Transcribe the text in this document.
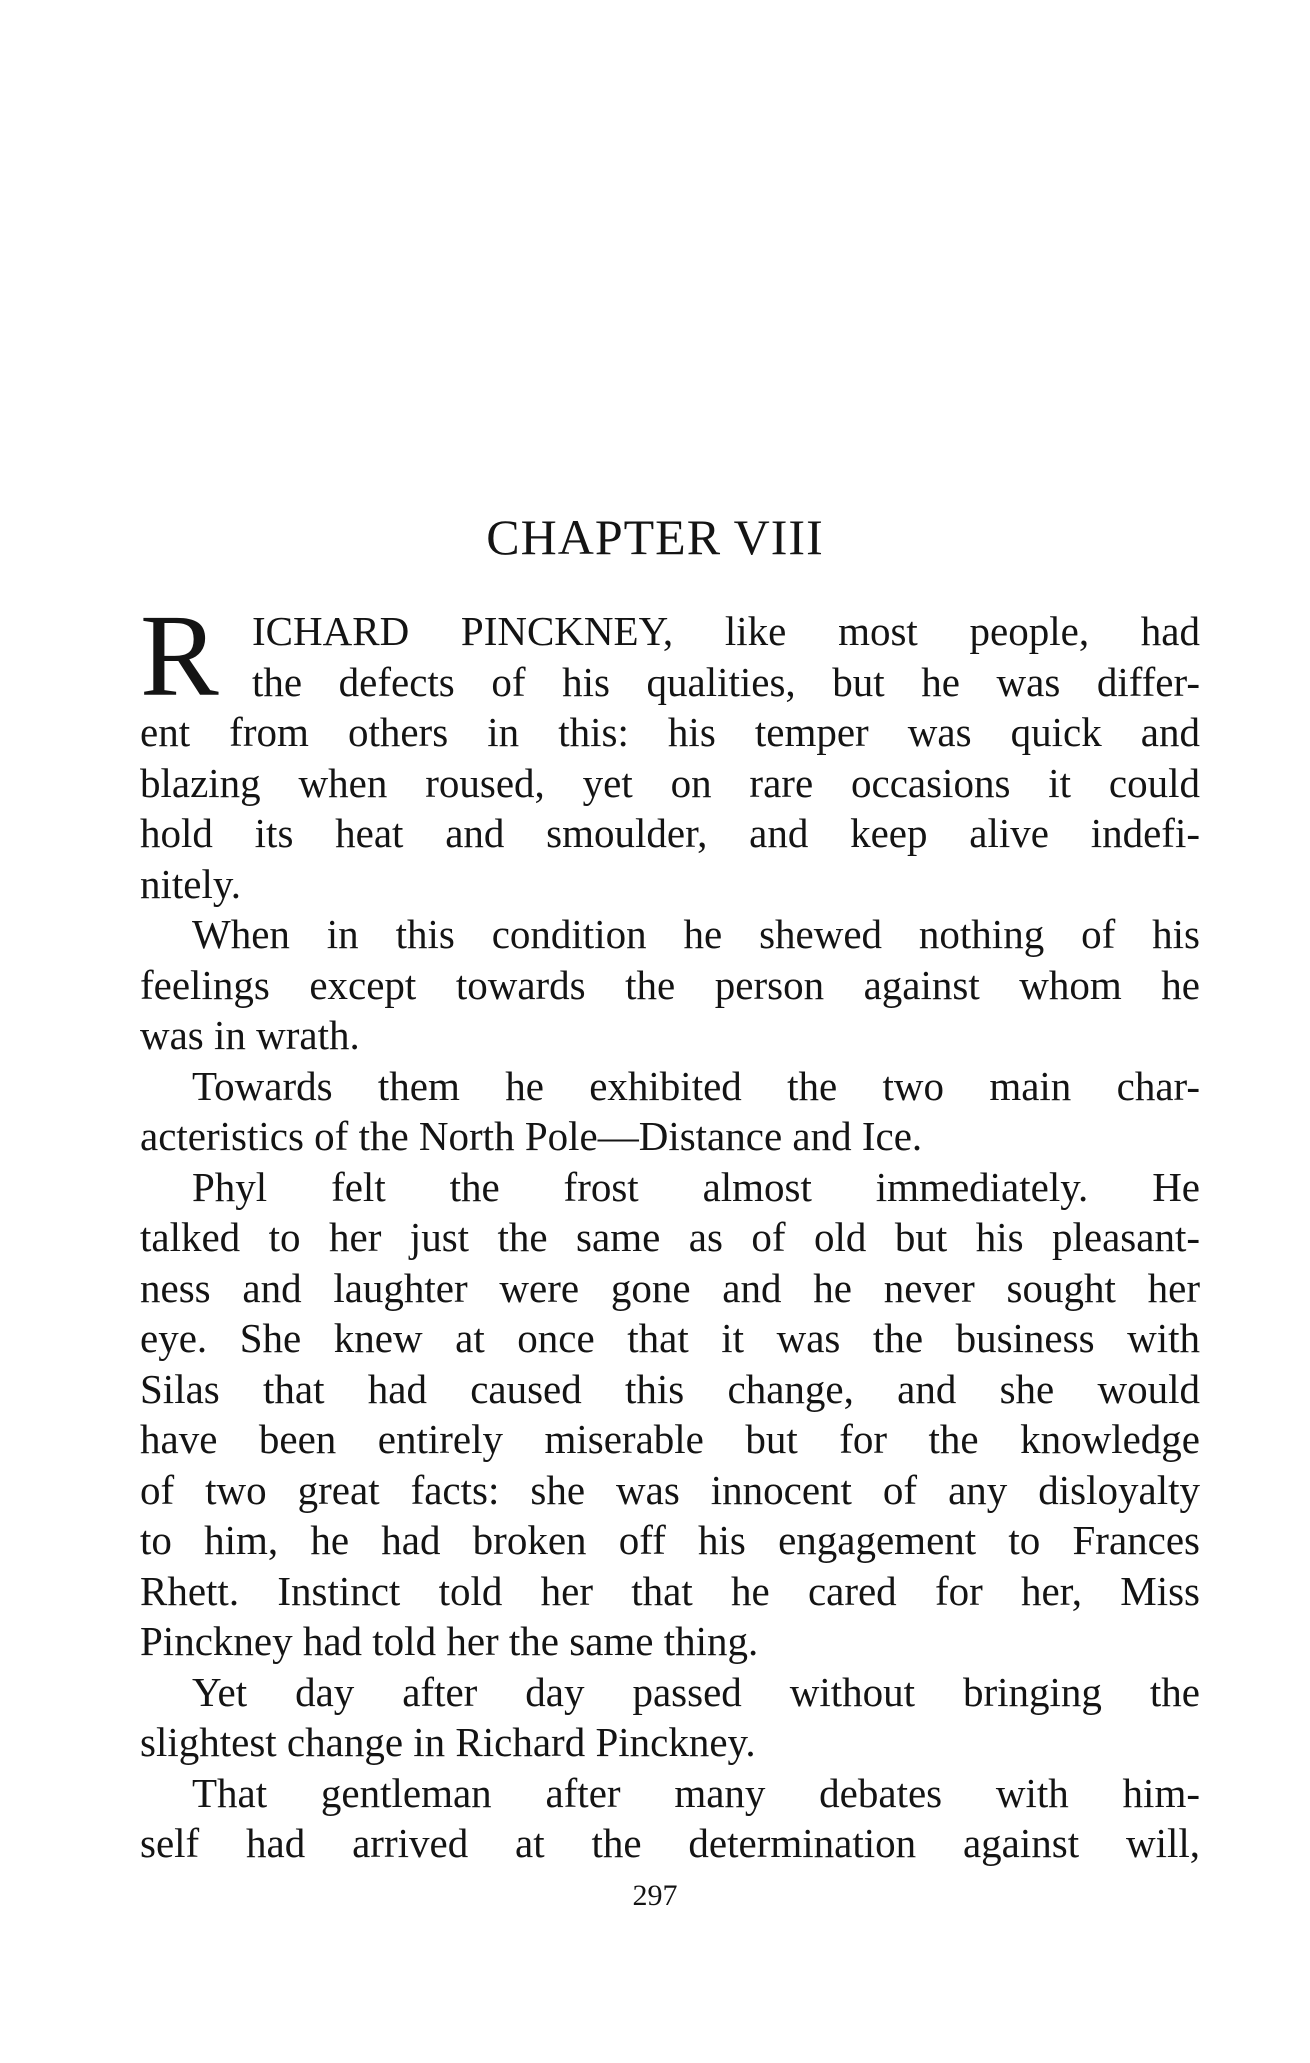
CHAPTER VIII
R ICHARD PINCKNEY, like most people, had
the defects of his qualities, but he was differ-
ent from others in this: his temper was quick and
blazing when roused, yet on rare occasions it could
hold its heat and smoulder, and keep alive indefi-
nitely.
When in this condition he shewed nothing of his
feelings except towards the person against whom he
was in wrath.
Towards them he exhibited the two main char-
acteristics of the North Pole—Distance and Ice.
Phyl felt the frost almost immediately. He
talked to her just the same as of old but his pleasant-
ness and laughter were gone and he never sought her
eye. She knew at once that it was the business with
Silas that had caused this change, and she would
have been entirely miserable but for the knowledge
of two great facts: she was innocent of any disloyalty
to him, he had broken off his engagement to Frances
Rhett. Instinct told her that he cared for her, Miss
Pinckney had told her the same thing.
Yet day after day passed without bringing the
slightest change in Richard Pinckney.
That gentleman after many debates with him-
self had arrived at the determination against will,
297
